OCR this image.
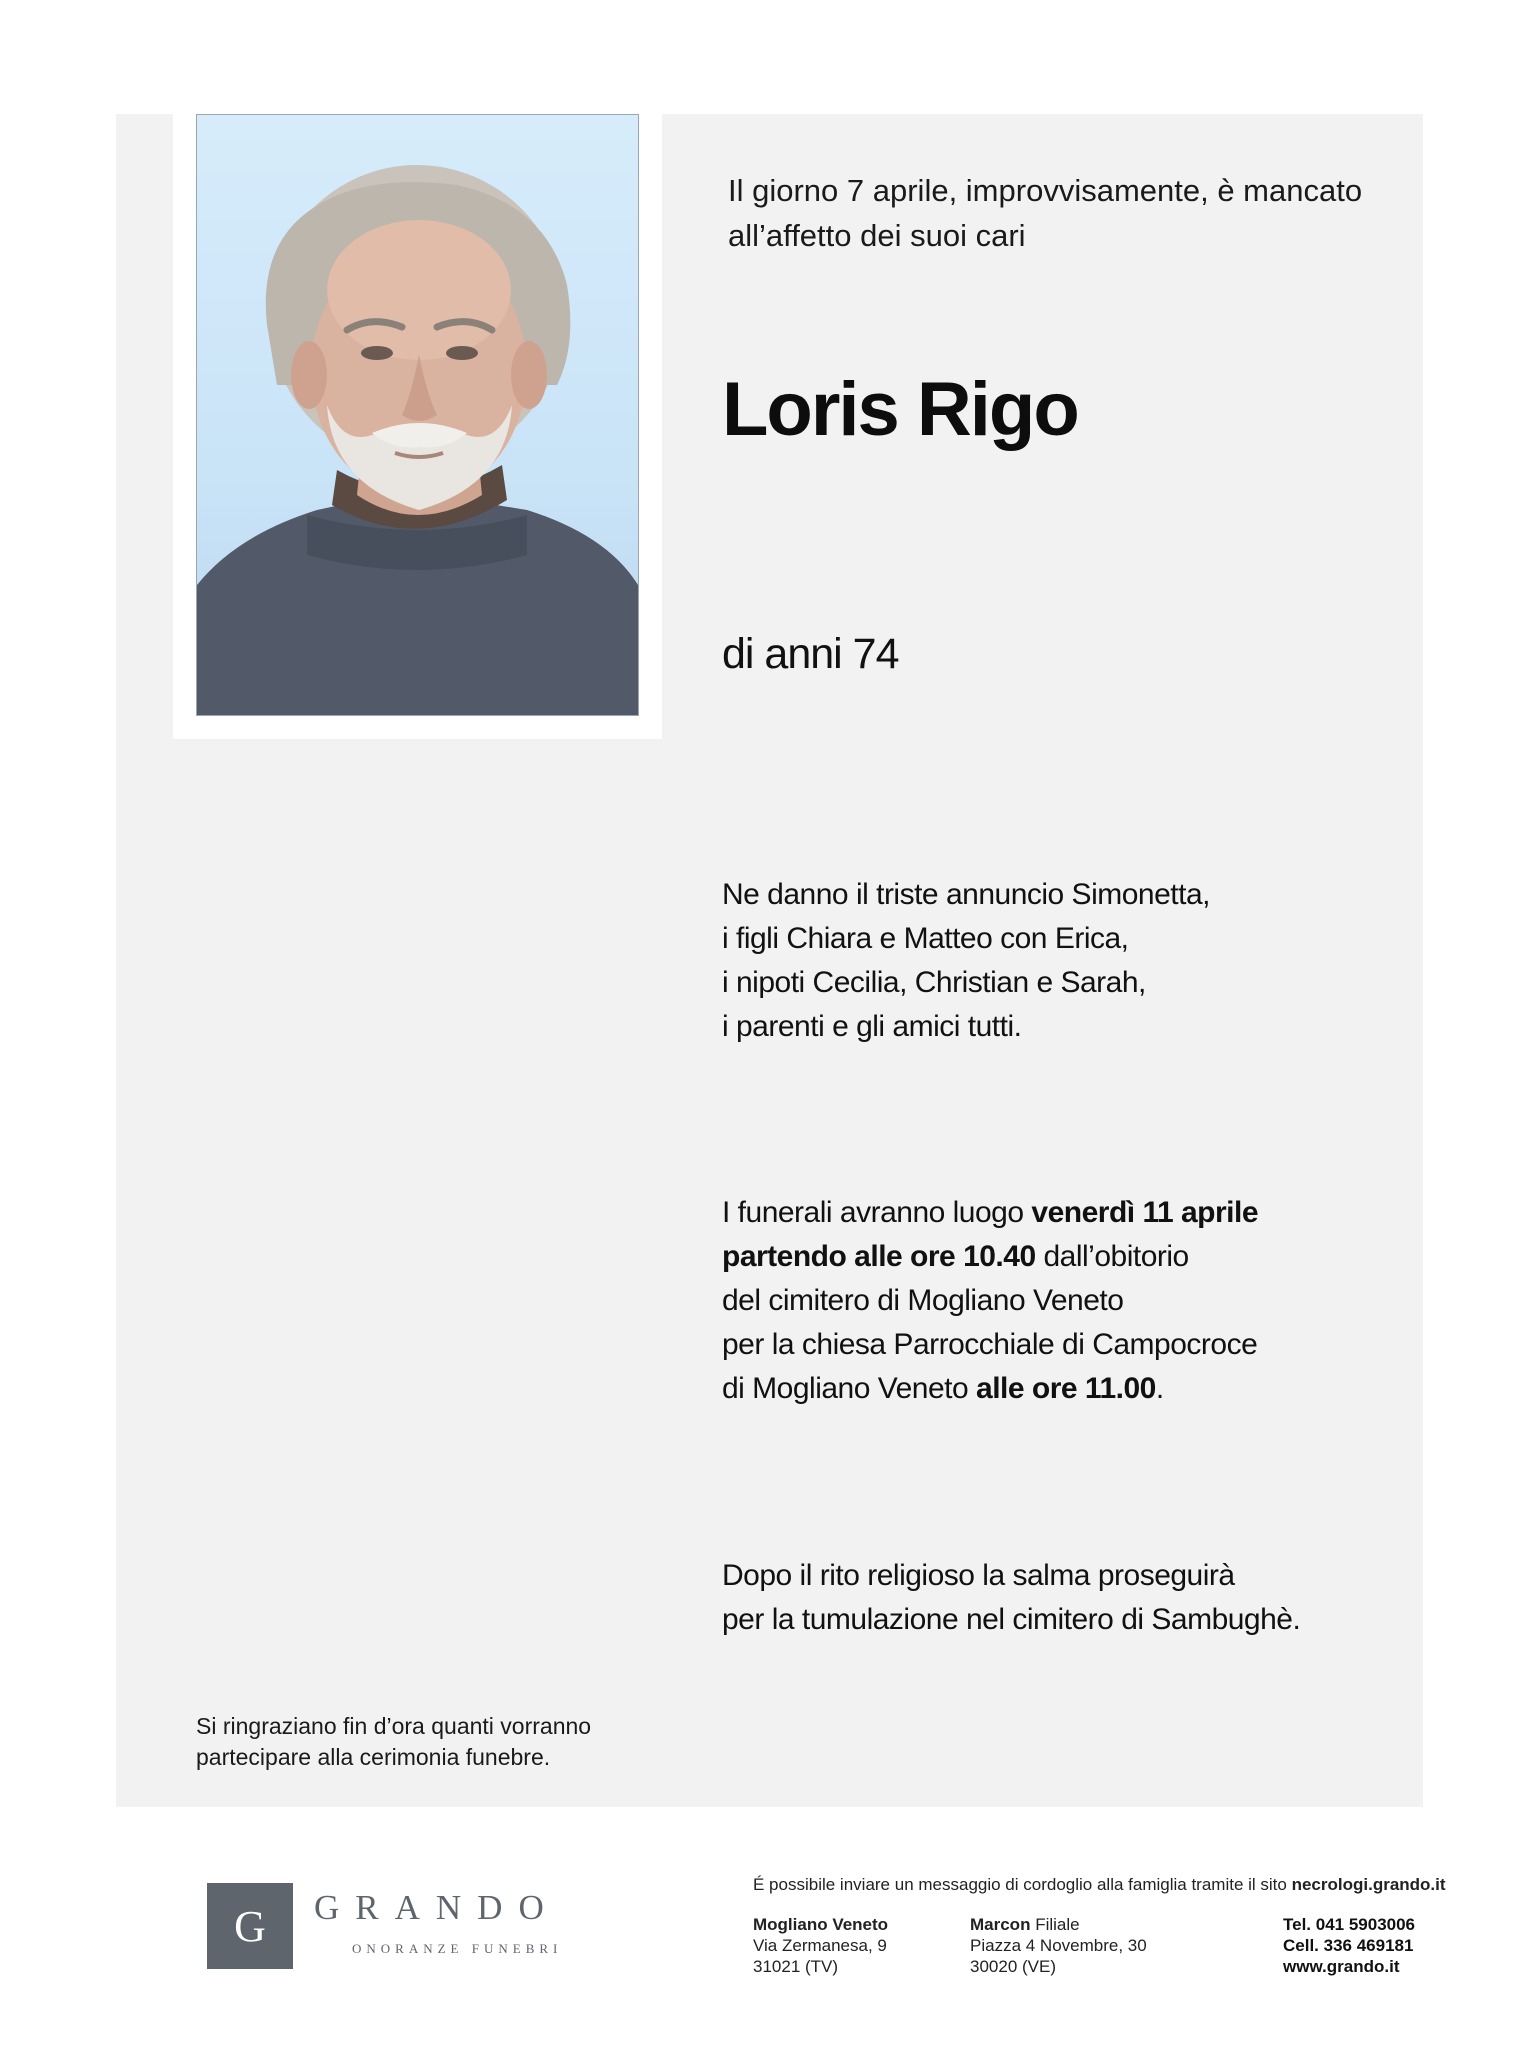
Il giorno 7 aprile, improvvisamente, è mancato
all’affetto dei suoi cari
Loris Rigo
di anni 74

Ne danno il triste annuncio Simonetta,

i figli Chiara e Matteo con Erica,

i nipoti Cecilia, Christian e Sarah,

i parenti e gli amici tutti.

I funerali avranno luogo venerdì 11 aprile

partendo alle ore 10.40 dall’obitorio

del cimitero di Mogliano Veneto

per la chiesa Parrocchiale di Campocroce

di Mogliano Veneto alle ore 11.00.

Dopo il rito religioso la salma proseguirà

per la tumulazione nel cimitero di Sambughè.

Si ringraziano fin d’ora quanti vorranno
partecipare alla cerimonia funebre.
G	GRANDO
ONORANZE FUNEBRI

É possibile inviare un messaggio di cordoglio alla famiglia tramite il sito necrologi.grando.it

Mogliano Veneto

Via Zermanesa, 9

31021 (TV)

Marcon Filiale

Piazza 4 Novembre, 30

30020 (VE)

Tel. 041 5903006

Cell. 336 469181

www.grando.it
